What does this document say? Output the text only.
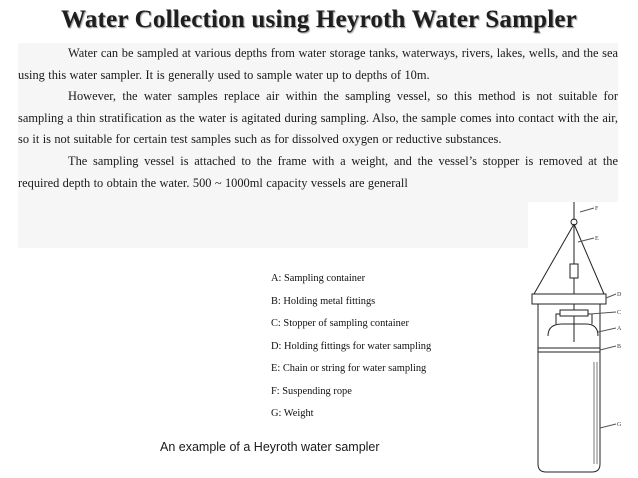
Water Collection using Heyroth Water Sampler

Water can be sampled at various depths from water storage tanks, waterways, rivers, lakes, wells, and the sea using this water sampler. It is generally used to sample water up to depths of 10m.

However, the water samples replace air within the sampling vessel, so this method is not suitable for sampling a thin stratification as the water is agitated during sampling. Also, the sample comes into contact with the air, so it is not suitable for certain test samples such as for dissolved oxygen or reductive substances.

The sampling vessel is attached to the frame with a weight, and the vessel’s stopper is removed at the required depth to obtain the water. 500 ~ 1000ml capacity vessels are generall

A: Sampling container
B: Holding metal fittings
C: Stopper of sampling container
D: Holding fittings for water sampling
E: Chain or string for water sampling
F: Suspending rope
G: Weight
An example of a Heyroth water sampler
F
E
D
C
B
A
G
